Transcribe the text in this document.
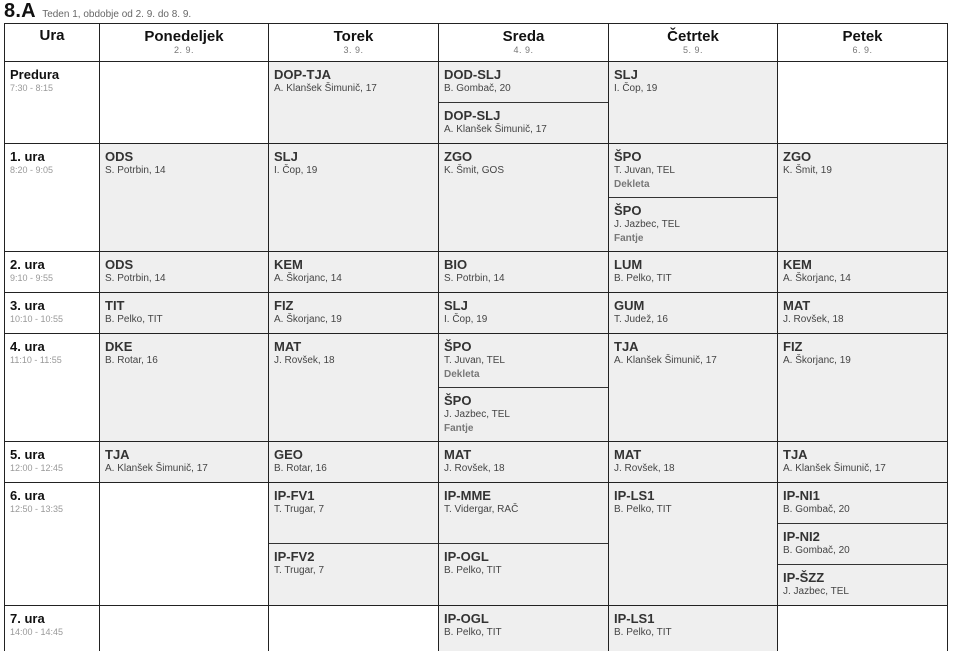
8.A Teden 1, obdobje od 2. 9. do 8. 9.
Ura	Ponedeljek
2. 9.
Torek
3. 9.
Sreda
4. 9.
Četrtek
5. 9.
Petek
6. 9.
Predura
7:30 - 8:15
1. ura
8:20 - 9:05
2. ura
9:10 - 9:55
3. ura
10:10 - 10:55
4. ura
11:10 - 11:55
5. ura
12:00 - 12:45
6. ura
12:50 - 13:35
7. ura
14:00 - 14:45
DOP-TJA
A. Klanšek Šimunič, 17
DOD-SLJ
B. Gombač, 20
DOP-SLJ
A. Klanšek Šimunič, 17
SLJ
I. Čop, 19
ODS
S. Potrbin, 14
SLJ
I. Čop, 19
ZGO
K. Šmit, GOS
ŠPO
T. Juvan, TEL
Dekleta
ŠPO
J. Jazbec, TEL
Fantje
ZGO
K. Šmit, 19
ODS
S. Potrbin, 14
KEM
A. Škorjanc, 14
BIO
S. Potrbin, 14
LUM
B. Pelko, TIT
KEM
A. Škorjanc, 14
TIT
B. Pelko, TIT
FIZ
A. Škorjanc, 19
SLJ
I. Čop, 19
GUM
T. Judež, 16
MAT
J. Rovšek, 18
DKE
B. Rotar, 16
MAT
J. Rovšek, 18
ŠPO
T. Juvan, TEL
Dekleta
ŠPO
J. Jazbec, TEL
Fantje
TJA
A. Klanšek Šimunič, 17
FIZ
A. Škorjanc, 19
TJA
A. Klanšek Šimunič, 17
GEO
B. Rotar, 16
MAT
J. Rovšek, 18
MAT
J. Rovšek, 18
TJA
A. Klanšek Šimunič, 17
IP-FV1
T. Trugar, 7
IP-FV2
T. Trugar, 7
IP-MME
T. Vidergar, RAČ
IP-OGL
B. Pelko, TIT
IP-LS1
B. Pelko, TIT
IP-NI1
B. Gombač, 20
IP-NI2
B. Gombač, 20
IP-ŠZZ
J. Jazbec, TEL
IP-OGL
B. Pelko, TIT
IP-LS1
B. Pelko, TIT
